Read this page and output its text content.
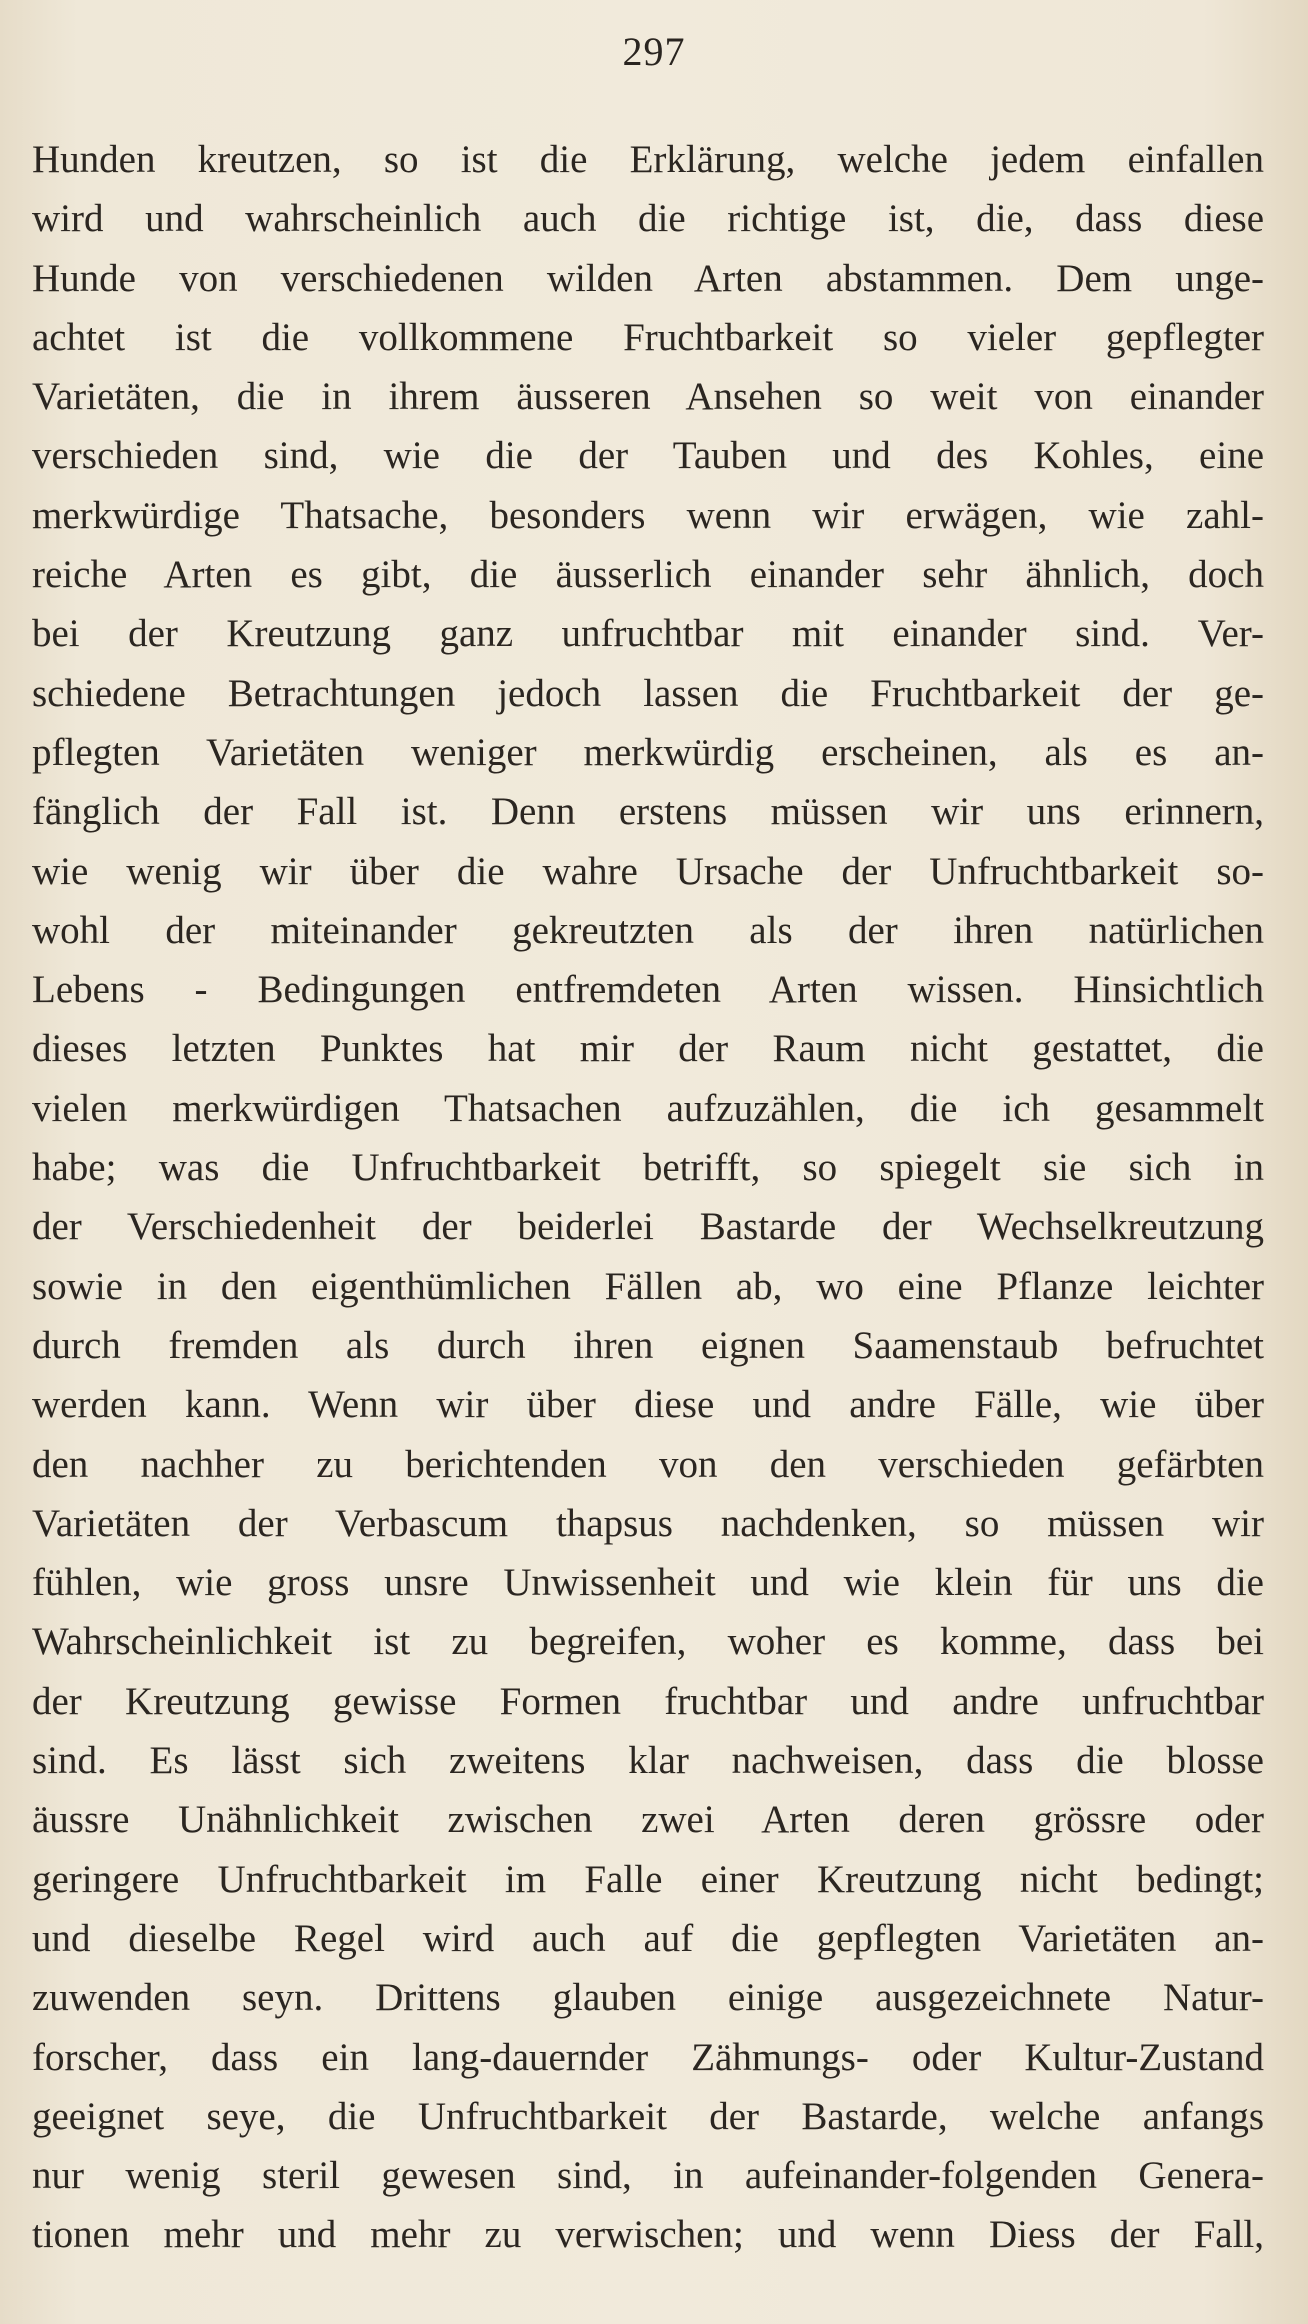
297
Hunden kreutzen, so ist die Erklärung, welche jedem einfallen
wird und wahrscheinlich auch die richtige ist, die, dass diese
Hunde von verschiedenen wilden Arten abstammen. Dem unge-
achtet ist die vollkommene Fruchtbarkeit so vieler gepflegter
Varietäten, die in ihrem äusseren Ansehen so weit von einander
verschieden sind, wie die der Tauben und des Kohles, eine
merkwürdige Thatsache, besonders wenn wir erwägen, wie zahl-
reiche Arten es gibt, die äusserlich einander sehr ähnlich, doch
bei der Kreutzung ganz unfruchtbar mit einander sind. Ver-
schiedene Betrachtungen jedoch lassen die Fruchtbarkeit der ge-
pflegten Varietäten weniger merkwürdig erscheinen, als es an-
fänglich der Fall ist. Denn erstens müssen wir uns erinnern,
wie wenig wir über die wahre Ursache der Unfruchtbarkeit so-
wohl der miteinander gekreutzten als der ihren natürlichen
Lebens - Bedingungen entfremdeten Arten wissen. Hinsichtlich
dieses letzten Punktes hat mir der Raum nicht gestattet, die
vielen merkwürdigen Thatsachen aufzuzählen, die ich gesammelt
habe; was die Unfruchtbarkeit betrifft, so spiegelt sie sich in
der Verschiedenheit der beiderlei Bastarde der Wechselkreutzung
sowie in den eigenthümlichen Fällen ab, wo eine Pflanze leichter
durch fremden als durch ihren eignen Saamenstaub befruchtet
werden kann. Wenn wir über diese und andre Fälle, wie über
den nachher zu berichtenden von den verschieden gefärbten
Varietäten der Verbascum thapsus nachdenken, so müssen wir
fühlen, wie gross unsre Unwissenheit und wie klein für uns die
Wahrscheinlichkeit ist zu begreifen, woher es komme, dass bei
der Kreutzung gewisse Formen fruchtbar und andre unfruchtbar
sind. Es lässt sich zweitens klar nachweisen, dass die blosse
äussre Unähnlichkeit zwischen zwei Arten deren grössre oder
geringere Unfruchtbarkeit im Falle einer Kreutzung nicht bedingt;
und dieselbe Regel wird auch auf die gepflegten Varietäten an-
zuwenden seyn. Drittens glauben einige ausgezeichnete Natur-
forscher, dass ein lang-dauernder Zähmungs- oder Kultur-Zustand
geeignet seye, die Unfruchtbarkeit der Bastarde, welche anfangs
nur wenig steril gewesen sind, in aufeinander-folgenden Genera-
tionen mehr und mehr zu verwischen; und wenn Diess der Fall,
